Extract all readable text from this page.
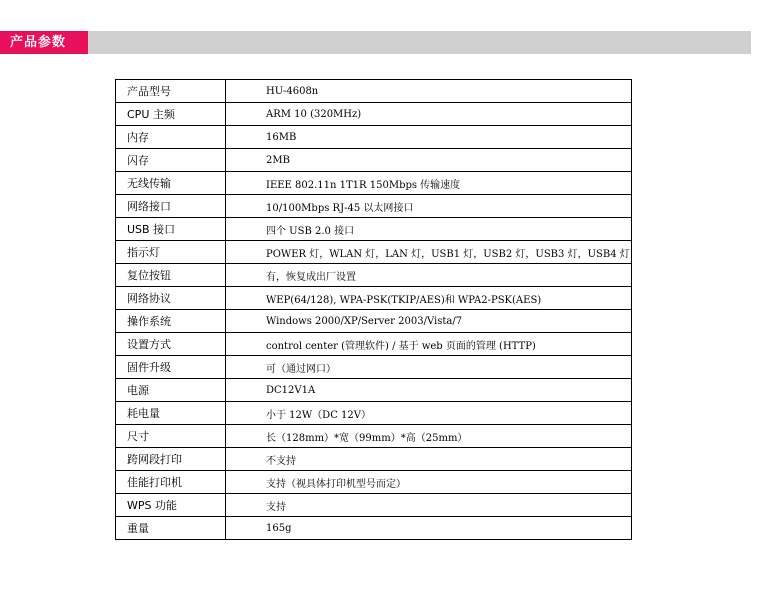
产品参数
产品型号	HU-4608n
CPU 主频	ARM 10 (320MHz)
内存	16MB
闪存	2MB
无线传输	IEEE 802.11n 1T1R 150Mbps 传输速度
网络接口	10/100Mbps RJ-45 以太网接口
USB 接口	四个 USB 2.0 接口
指示灯	POWER 灯，WLAN 灯，LAN 灯，USB1 灯，USB2 灯，USB3 灯，USB4 灯
复位按钮	有，恢复成出厂设置
网络协议	WEP(64/128), WPA-PSK(TKIP/AES)和 WPA2-PSK(AES)
操作系统	Windows 2000/XP/Server 2003/Vista/7
设置方式	control center (管理软件) / 基于 web 页面的管理 (HTTP)
固件升级	可（通过网口）
电源	DC12V1A
耗电量	小于 12W（DC 12V）
尺寸	长（128mm）*宽（99mm）*高（25mm）
跨网段打印	不支持
佳能打印机	支持（视具体打印机型号而定）
WPS 功能	支持
重量	165g
